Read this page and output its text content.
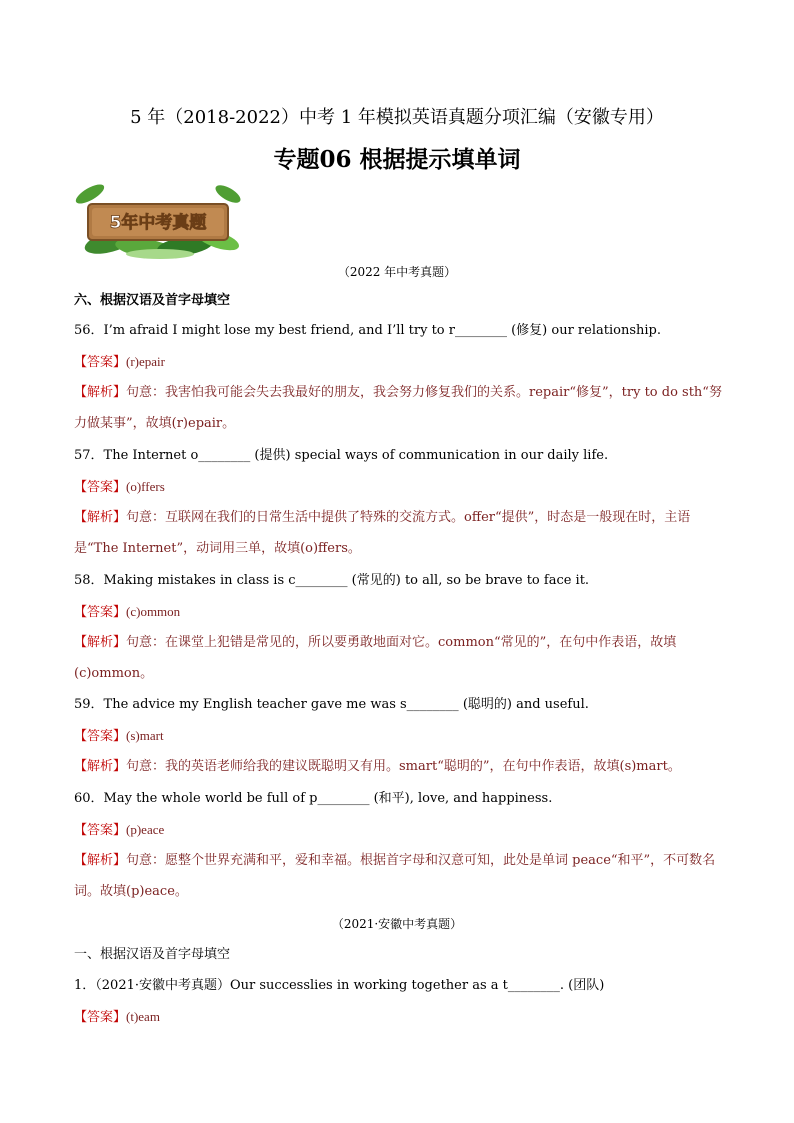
5 年（2018-2022）中考 1 年模拟英语真题分项汇编（安徽专用）
专题06 根据提示填单词
5年中考真题
（2022 年中考真题）
六、根据汉语及首字母填空
56．I’m afraid I might lose my best friend, and I’ll try to r________ (修复) our relationship.
【答案】(r)epair
【解析】句意：我害怕我可能会失去我最好的朋友，我会努力修复我们的关系。repair“修复”，try to do sth“努力做某事”，故填(r)epair。
57．The Internet o________ (提供) special ways of communication in our daily life.
【答案】(o)ffers
【解析】句意：互联网在我们的日常生活中提供了特殊的交流方式。offer“提供”，时态是一般现在时，主语是“The Internet”，动词用三单，故填(o)ffers。
58．Making mistakes in class is c________ (常见的) to all, so be brave to face it.
【答案】(c)ommon
【解析】句意：在课堂上犯错是常见的，所以要勇敢地面对它。common“常见的”，在句中作表语，故填(c)ommon。
59．The advice my English teacher gave me was s________ (聪明的) and useful.
【答案】(s)mart
【解析】句意：我的英语老师给我的建议既聪明又有用。smart“聪明的”，在句中作表语，故填(s)mart。
60．May the whole world be full of p________ (和平), love, and happiness.
【答案】(p)eace
【解析】句意：愿整个世界充满和平，爱和幸福。根据首字母和汉意可知，此处是单词 peace“和平”，不可数名词。故填(p)eace。
（2021·安徽中考真题）
一、根据汉语及首字母填空
1．（2021·安徽中考真题）Our successlies in working together as a t________. (团队)
【答案】(t)eam
